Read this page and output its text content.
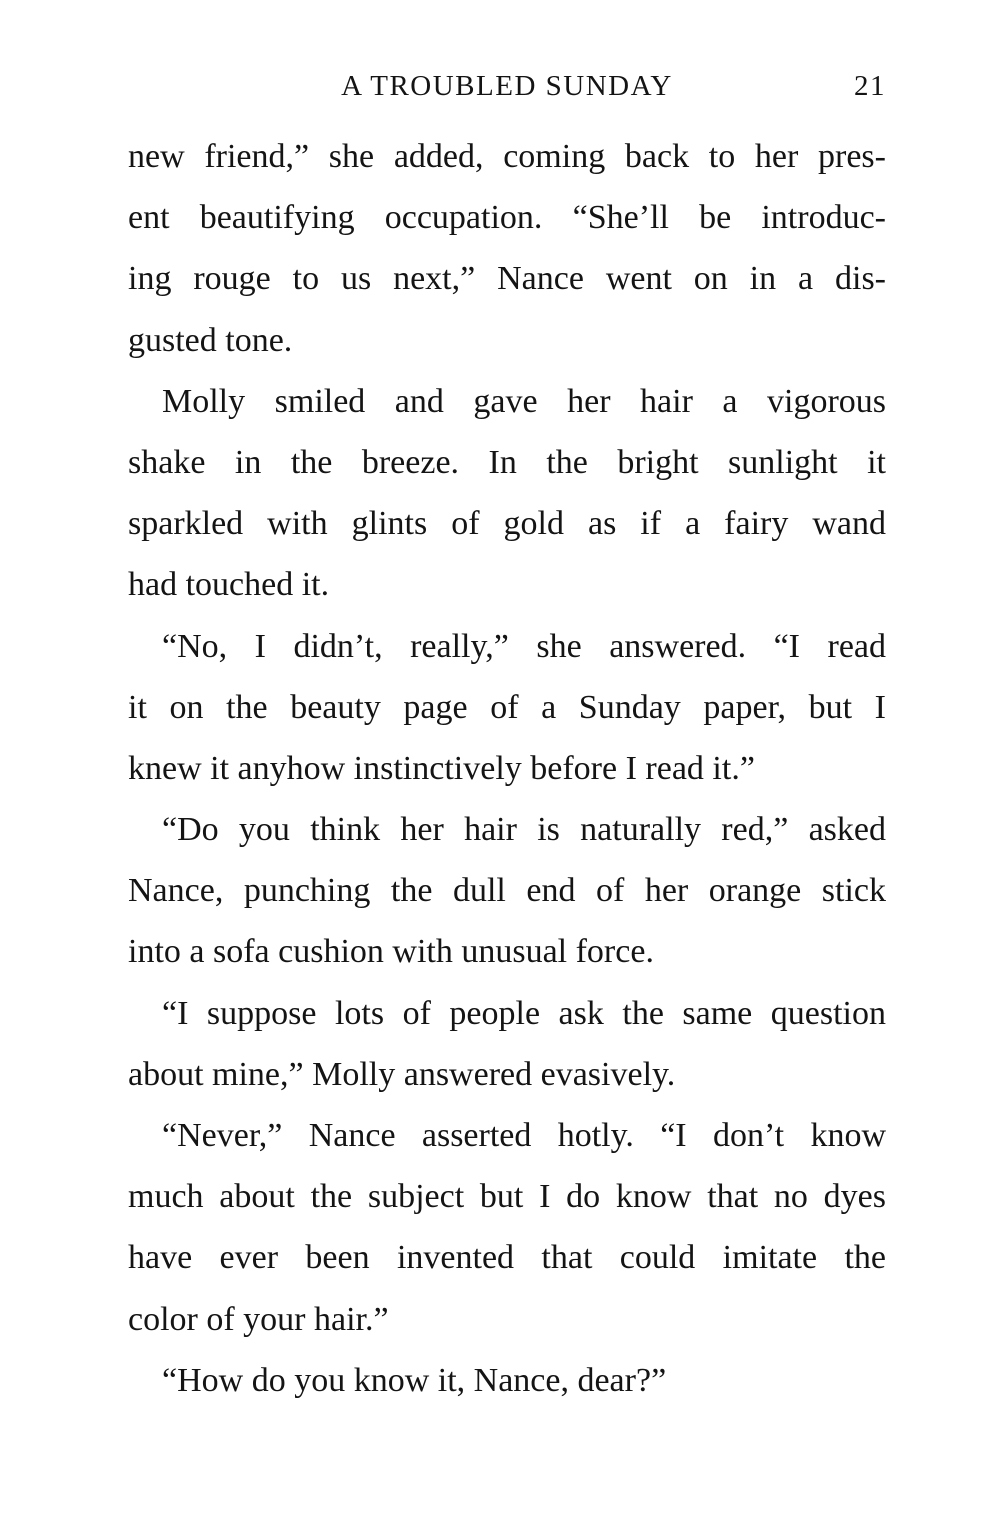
A TROUBLED SUNDAY	21
new friend,” she added, coming back to her pres-
ent beautifying occupation. “She’ll be introduc-
ing rouge to us next,” Nance went on in a dis-
gusted tone.
Molly smiled and gave her hair a vigorous
shake in the breeze. In the bright sunlight it
sparkled with glints of gold as if a fairy wand
had touched it.
“No, I didn’t, really,” she answered. “I read
it on the beauty page of a Sunday paper, but I
knew it anyhow instinctively before I read it.”
“Do you think her hair is naturally red,” asked
Nance, punching the dull end of her orange stick
into a sofa cushion with unusual force.
“I suppose lots of people ask the same question
about mine,” Molly answered evasively.
“Never,” Nance asserted hotly. “I don’t know
much about the subject but I do know that no dyes
have ever been invented that could imitate the
color of your hair.”
“How do you know it, Nance, dear?”
